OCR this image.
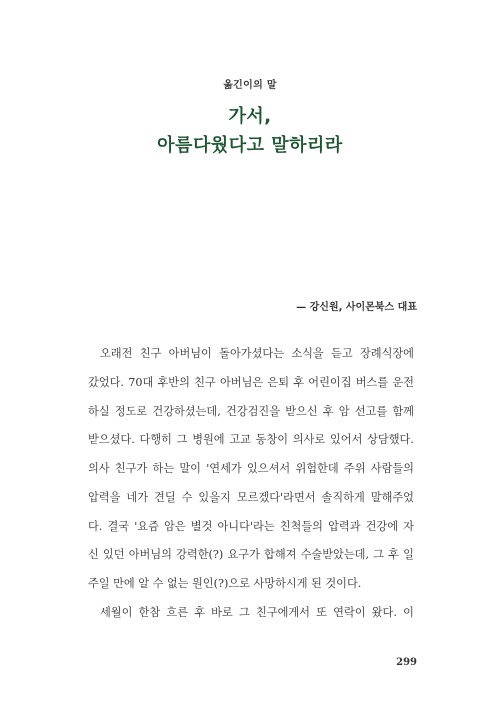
옮긴이의 말
가서,
아름다웠다고 말하리라
— 강신원, 사이몬북스 대표
오래전 친구 아버님이 돌아가셨다는 소식을 듣고 장례식장에
갔었다. 70대 후반의 친구 아버님은 은퇴 후 어린이집 버스를 운전
하실 정도로 건강하셨는데, 건강검진을 받으신 후 암 선고를 함께
받으셨다. 다행히 그 병원에 고교 동창이 의사로 있어서 상담했다.
의사 친구가 하는 말이 '연세가 있으셔서 위험한데 주위 사람들의
압력을 네가 견딜 수 있을지 모르겠다'라면서 솔직하게 말해주었
다. 결국 '요즘 암은 별것 아니다'라는 친척들의 압력과 건강에 자
신 있던 아버님의 강력한(?) 요구가 합해져 수술받았는데, 그 후 일
주일 만에 알 수 없는 원인(?)으로 사망하시게 된 것이다.
세월이 한참 흐른 후 바로 그 친구에게서 또 연락이 왔다. 이
299
